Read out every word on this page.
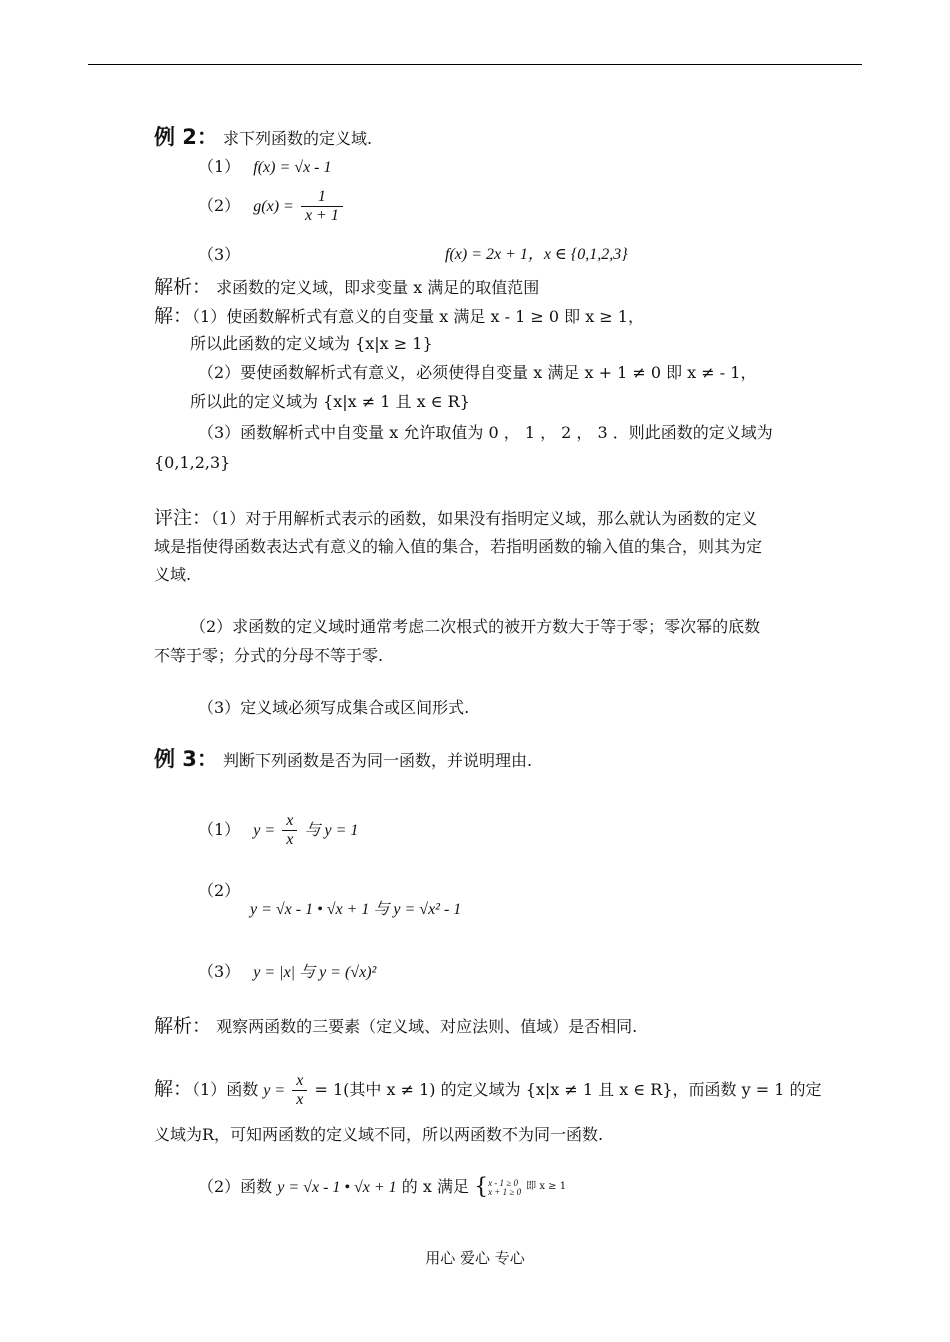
例 2： 求下列函数的定义域.
（1） f(x) = √x - 1
（2） $g(x) = \frac{1}{x + 1}$
（3）	f(x) = 2x + 1，x ∈ {0,1,2,3}
解析： 求函数的定义域，即求变量 x 满足的取值范围
解：（1）使函数解析式有意义的自变量 x 满足 x - 1 ≥ 0 即 x ≥ 1，
所以此函数的定义域为 {x|x ≥ 1}
（2）要使函数解析式有意义，必须使得自变量 x 满足 x + 1 ≠ 0 即 x ≠ - 1，
所以此的定义域为 {x|x ≠ 1 且 x ∈ R}
（3）函数解析式中自变量 x 允许取值为 0 ， 1 ， 2 ， 3 ．则此函数的定义域为
{0,1,2,3}
评注：（1）对于用解析式表示的函数，如果没有指明定义域，那么就认为函数的定义
域是指使得函数表达式有意义的输入值的集合，若指明函数的输入值的集合，则其为定
义域.
（2）求函数的定义域时通常考虑二次根式的被开方数大于等于零；零次幂的底数
不等于零；分式的分母不等于零.
（3）定义域必须写成集合或区间形式.
例 3： 判断下列函数是否为同一函数，并说明理由.
（1） $y = \frac{x}{x}$ 与 y = 1
（2）
y = √x - 1 • √x + 1 与 y = √x² - 1
（3） y = |x| 与 y = (√x)²
解析： 观察两函数的三要素（定义域、对应法则、值域）是否相同.
解：（1）函数 $y = \frac{x}{x} = 1$(其中 x ≠ 1) 的定义域为 {x|x ≠ 1 且 x ∈ R}，而函数 y = 1 的定
义域为R，可知两函数的定义域不同，所以两函数不为同一函数.
（2）函数 y = √x - 1 • √x + 1 的 x 满足 { x - 1 ≥ 0
x + 1 ≥ 0 $^{即 x \ge 1}$
用心 爱心 专心
